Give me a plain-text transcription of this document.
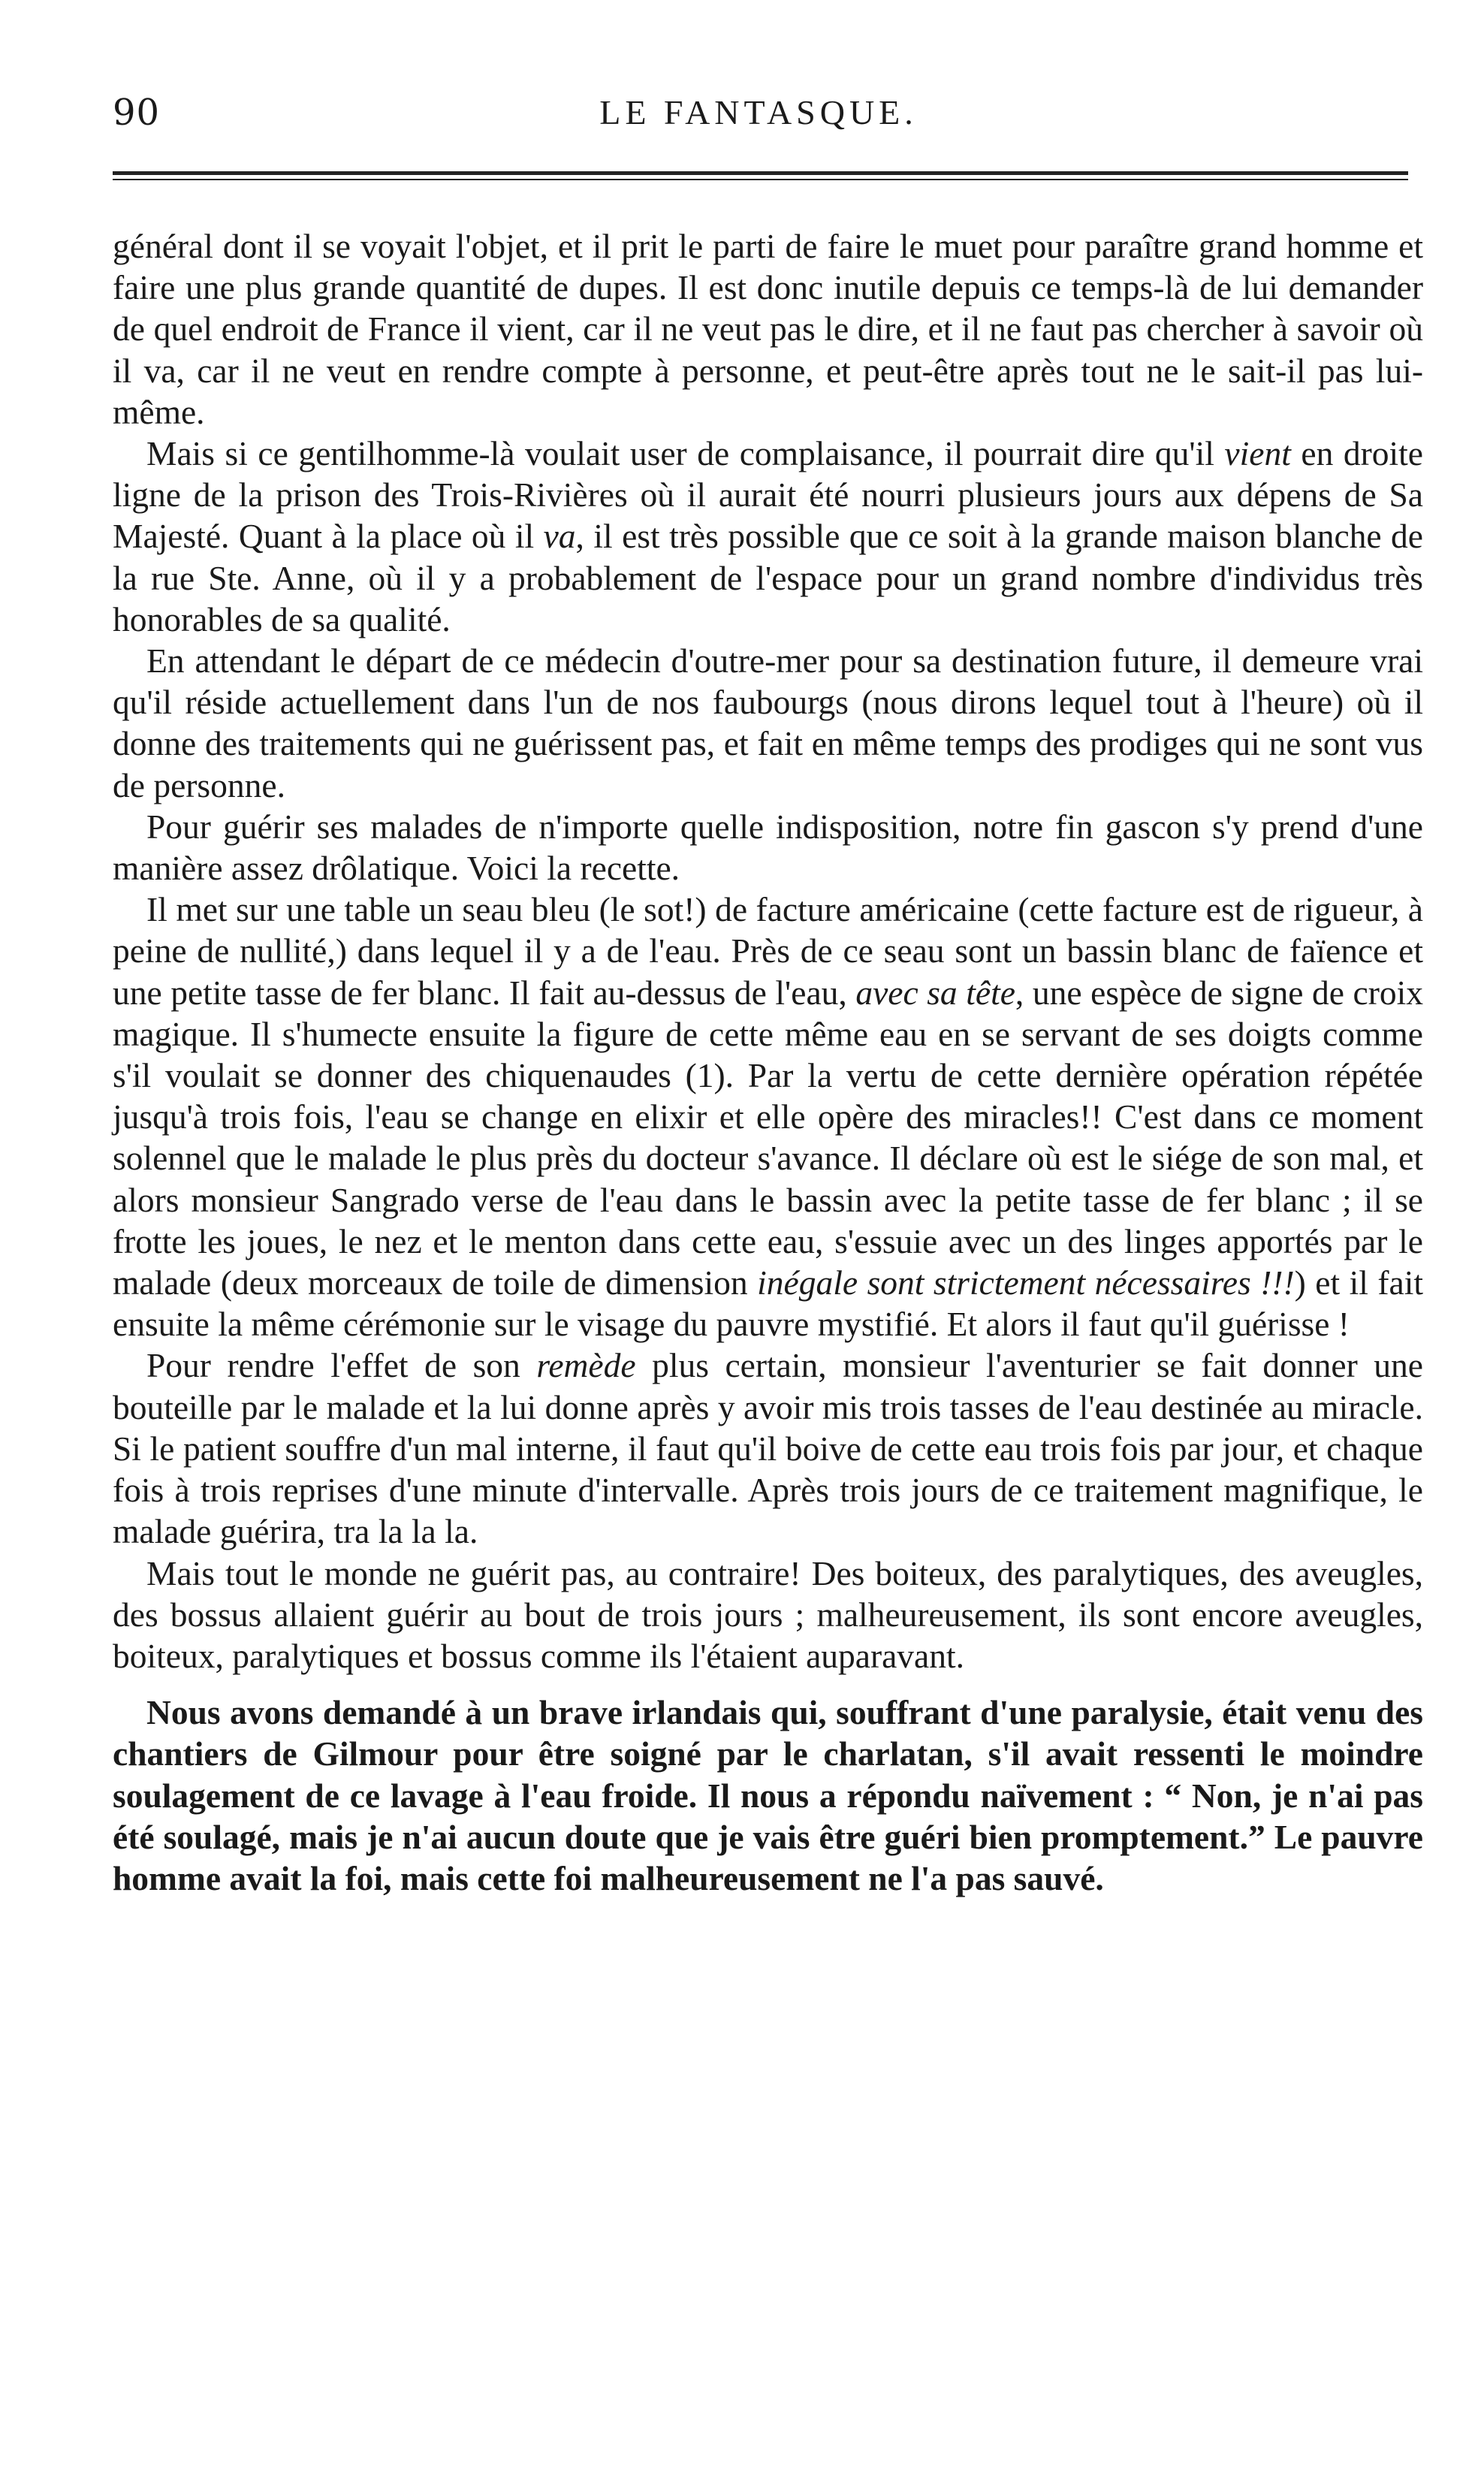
90	LE FANTASQUE.

général dont il se voyait l'objet, et il prit le parti de faire le muet pour paraître grand homme et faire une plus grande quantité de dupes. Il est donc inutile depuis ce temps-là de lui demander de quel endroit de France il vient, car il ne veut pas le dire, et il ne faut pas chercher à savoir où il va, car il ne veut en rendre compte à personne, et peut-être après tout ne le sait-il pas lui-même.

Mais si ce gentilhomme-là voulait user de complaisance, il pourrait dire qu'il vient en droite ligne de la prison des Trois-Rivières où il aurait été nourri plusieurs jours aux dépens de Sa Majesté. Quant à la place où il va, il est très possible que ce soit à la grande maison blanche de la rue Ste. Anne, où il y a probablement de l'espace pour un grand nombre d'individus très honorables de sa qualité.

En attendant le départ de ce médecin d'outre-mer pour sa destination future, il demeure vrai qu'il réside actuellement dans l'un de nos faubourgs (nous dirons lequel tout à l'heure) où il donne des traitements qui ne guérissent pas, et fait en même temps des prodiges qui ne sont vus de personne.

Pour guérir ses malades de n'importe quelle indisposition, notre fin gascon s'y prend d'une manière assez drôlatique. Voici la recette.

Il met sur une table un seau bleu (le sot!) de facture américaine (cette facture est de rigueur, à peine de nullité,) dans lequel il y a de l'eau. Près de ce seau sont un bassin blanc de faïence et une petite tasse de fer blanc. Il fait au-dessus de l'eau, avec sa tête, une espèce de signe de croix magique. Il s'humecte ensuite la figure de cette même eau en se servant de ses doigts comme s'il voulait se donner des chiquenaudes (1). Par la vertu de cette dernière opération répétée jusqu'à trois fois, l'eau se change en elixir et elle opère des miracles!! C'est dans ce moment solennel que le malade le plus près du docteur s'avance. Il déclare où est le siége de son mal, et alors monsieur Sangrado verse de l'eau dans le bassin avec la petite tasse de fer blanc ; il se frotte les joues, le nez et le menton dans cette eau, s'essuie avec un des linges apportés par le malade (deux morceaux de toile de dimension inégale sont strictement nécessaires !!!) et il fait ensuite la même cérémonie sur le visage du pauvre mystifié. Et alors il faut qu'il guérisse !

Pour rendre l'effet de son remède plus certain, monsieur l'aventurier se fait donner une bouteille par le malade et la lui donne après y avoir mis trois tasses de l'eau destinée au miracle. Si le patient souffre d'un mal interne, il faut qu'il boive de cette eau trois fois par jour, et chaque fois à trois reprises d'une minute d'intervalle. Après trois jours de ce traitement magnifique, le malade guérira, tra la la la.

Mais tout le monde ne guérit pas, au contraire! Des boiteux, des paralytiques, des aveugles, des bossus allaient guérir au bout de trois jours ; malheureusement, ils sont encore aveugles, boiteux, paralytiques et bossus comme ils l'étaient auparavant.

Nous avons demandé à un brave irlandais qui, souffrant d'une paralysie, était venu des chantiers de Gilmour pour être soigné par le charlatan, s'il avait ressenti le moindre soulagement de ce lavage à l'eau froide. Il nous a répondu naïvement : “ Non, je n'ai pas été soulagé, mais je n'ai aucun doute que je vais être guéri bien promptement.” Le pauvre homme avait la foi, mais cette foi malheureusement ne l'a pas sauvé.
